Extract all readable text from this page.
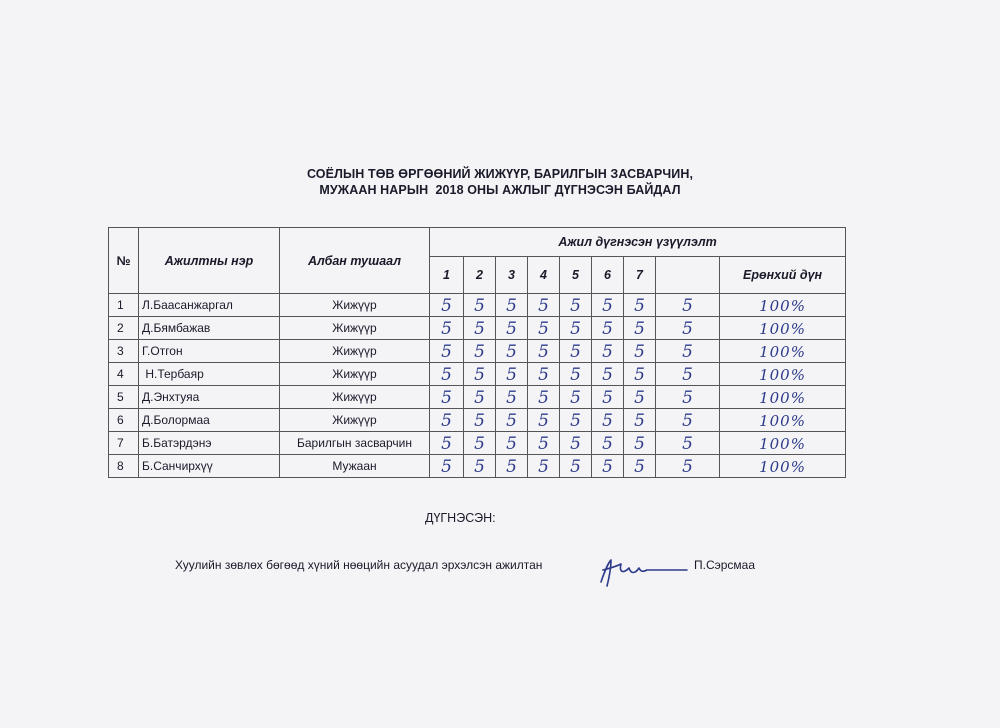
СОЁЛЫН ТӨВ ӨРГӨӨНИЙ ЖИЖҮҮР, БАРИЛГЫН ЗАСВАРЧИН,
МУЖААН НАРЫН  2018 ОНЫ АЖЛЫГ ДҮГНЭСЭН БАЙДАЛ
№	Ажилтны нэр	Албан тушаал	Ажил дүгнэсэн үзүүлэлт								
			1	2	3	4	5	6	7		Ерөнхий дүн
1	Л.Баасанжаргал	Жижүүр	5	5	5	5	5	5	5	5	100%
2	Д.Бямбажав	Жижүүр	5	5	5	5	5	5	5	5	100%
3	Г.Отгон	Жижүүр	5	5	5	5	5	5	5	5	100%
4	Н.Тербаяр	Жижүүр	5	5	5	5	5	5	5	5	100%
5	Д.Энхтуяа	Жижүүр	5	5	5	5	5	5	5	5	100%
6	Д.Болормаа	Жижүүр	5	5	5	5	5	5	5	5	100%
7	Б.Батэрдэнэ	Барилгын засварчин	5	5	5	5	5	5	5	5	100%
8	Б.Санчирхүү	Мужаан	5	5	5	5	5	5	5	5	100%
ДҮГНЭСЭН:
Хуулийн зөвлөх бөгөөд хүний нөөцийн асуудал эрхэлсэн ажилтан	П.Сэрсмаа
